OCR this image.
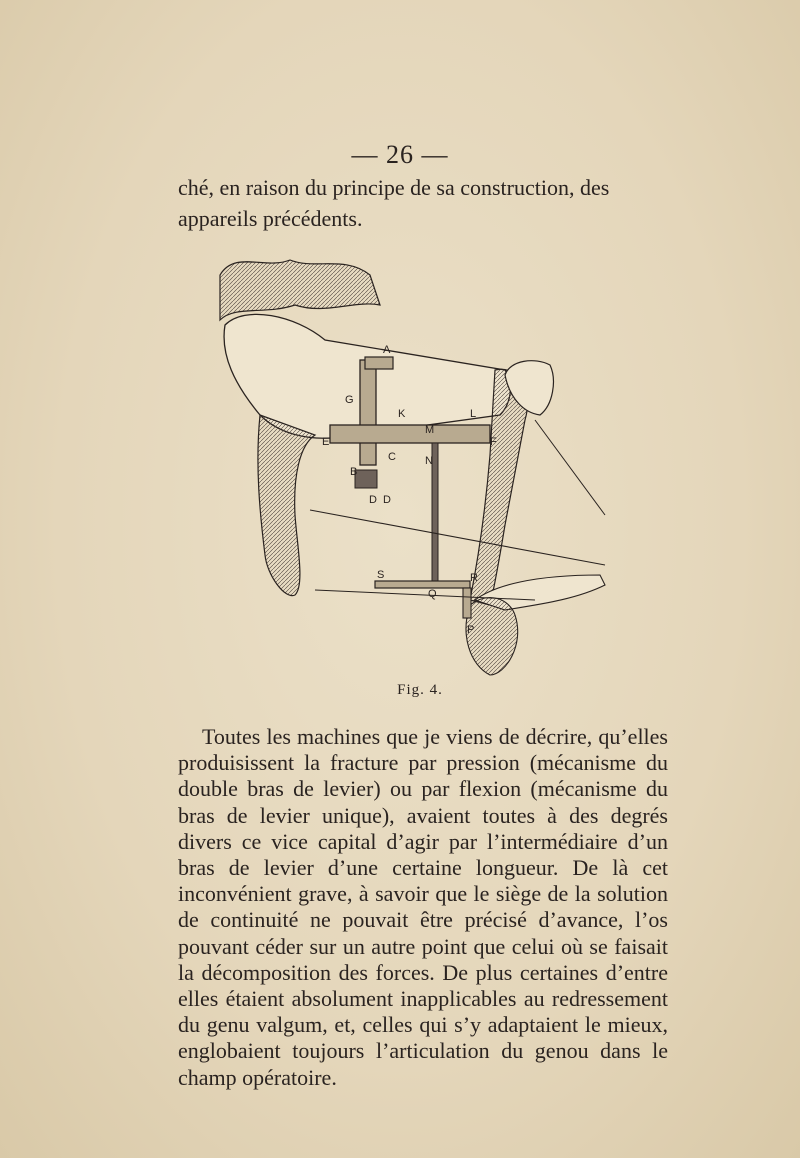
— 26 —

ché, en raison du principe de sa construction, des appareils précédents.

A
G
K	L
M
F
E
C	N
B
D D
S
Q
R
P
Fig. 4.

Toutes les machines que je viens de décrire, qu’elles produisissent la fracture par pression (mécanisme du double bras de levier) ou par flexion (mécanisme du bras de levier unique), avaient toutes à des degrés divers ce vice capital d’agir par l’intermédiaire d’un bras de levier d’une certaine longueur. De là cet inconvénient grave, à savoir que le siège de la solution de continuité ne pouvait être précisé d’avance, l’os pouvant céder sur un autre point que celui où se faisait la décomposition des forces. De plus certaines d’entre elles étaient absolument inapplicables au redressement du genu valgum, et, celles qui s’y adaptaient le mieux, englobaient toujours l’articulation du genou dans le champ opératoire.
